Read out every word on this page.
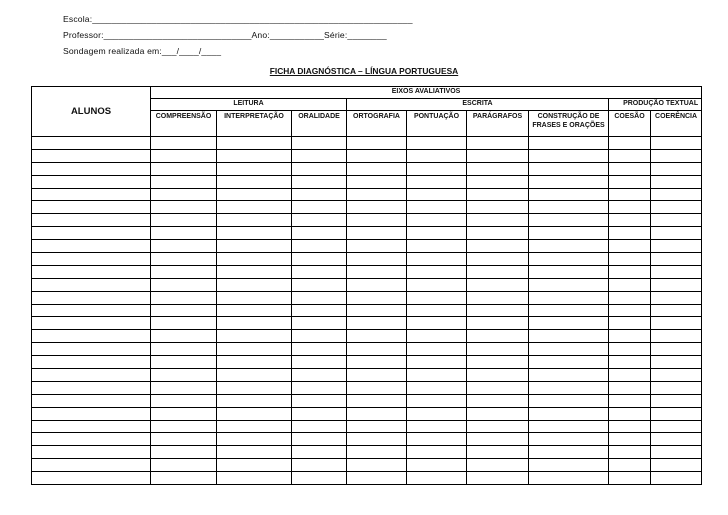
Escola:_________________________________________________________________
Professor:______________________________Ano:___________Série:________
Sondagem realizada em:___/____/____
FICHA DIAGNÓSTICA – LÍNGUA PORTUGUESA
ALUNOS	EIXOS AVALIATIVOS								
	LEITURA			ESCRITA				PRODUÇÃO TEXTUAL	
	COMPREENSÃO	INTERPRETAÇÃO	ORALIDADE	ORTOGRAFIA	PONTUAÇÃO	PARÁGRAFOS	CONSTRUÇÃO DE FRASES E ORAÇÕES	COESÃO	COERÊNCIA
